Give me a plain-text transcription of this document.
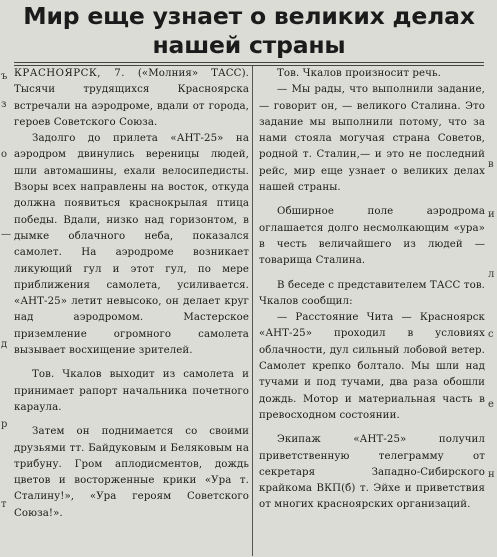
ъ
з
о
—
д
р
т
Мир еще узнает о великих делах
нашей страны

КРАСНОЯРСК, 7. («Молния» ТАСС). Тысячи трудящихся Красноярска встречали на аэродроме, вдали от города, героев Советского Союза.

Задолго до прилета «АНТ-25» на аэродром двинулись вереницы людей, шли автомашины, ехали велосипедисты. Взоры всех направлены на восток, откуда должна появиться краснокрылая птица победы. Вдали, низко над горизонтом, в дымке облачного неба, показался самолет. На аэродроме возникает ликующий гул и этот гул, по мере приближения самолета, усиливается. «АНТ-25» летит невысоко, он делает круг над аэродромом. Мастерское приземление огромного самолета вызывает восхищение зрителей.

Тов. Чкалов выходит из самолета и принимает рапорт начальника почетного караула.

Затем он поднимается со своими друзьями тт. Байдуковым и Беляковым на трибуну. Гром аплодисментов, дождь цветов и восторженные крики «Ура т. Сталину!», «Ура героям Советского Союза!».

Тов. Чкалов произносит речь.

— Мы рады, что выполнили задание, — говорит он, — великого Сталина. Это задание мы выполнили потому, что за нами стояла могучая страна Советов, родной т. Сталин,— и это не последний рейс, мир еще узнает о великих делах нашей страны.

Обширное поле аэродрома оглашается долго несмолкающим «ура» в честь величайшего из людей — товарища Сталина.

В беседе с представителем ТАСС тов. Чкалов сообщил:

— Расстояние Чита — Красноярск «АНТ-25» проходил в условиях облачности, дул сильный лобовой ветер. Самолет крепко болтало. Мы шли над тучами и под тучами, два раза обошли дождь. Мотор и материальная часть в превосходном состоянии.

Экипаж «АНТ-25» получил приветственную телеграмму от секретаря Западно-Сибирского крайкома ВКП(б) т. Эйхе и приветствия от многих красноярских организаций.

в
и
л
с
е
н
